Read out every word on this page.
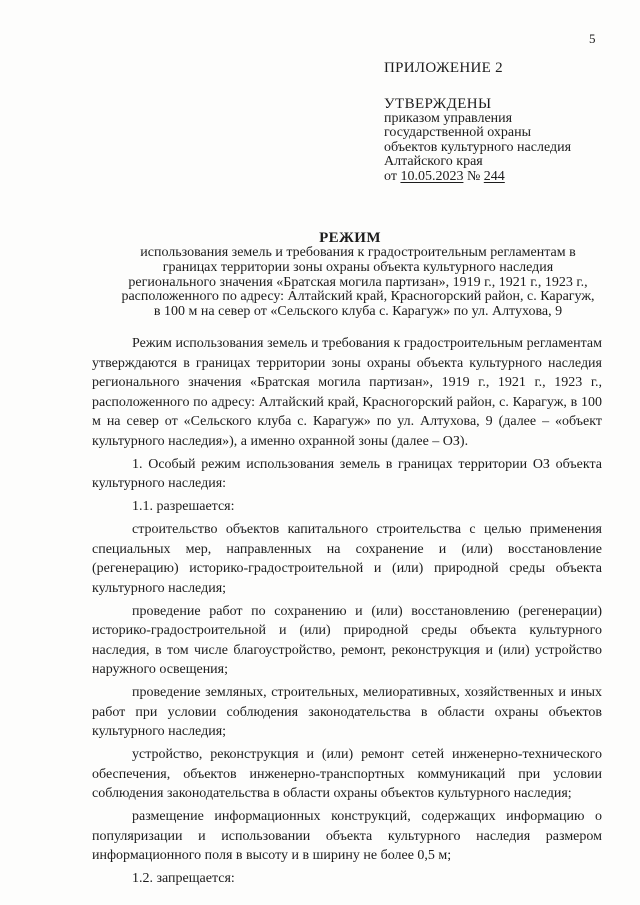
5
ПРИЛОЖЕНИЕ 2
УТВЕРЖДЕНЫ
приказом управления
государственной охраны
объектов культурного наследия
Алтайского края
от 10.05.2023 № 244
РЕЖИМ
использования земель и требования к градостроительным регламентам в границах территории зоны охраны объекта культурного наследия регионального значения «Братская могила партизан», 1919 г., 1921 г., 1923 г., расположенного по адресу: Алтайский край, Красногорский район, с. Карагуж, в 100 м на север от «Сельского клуба с. Карагуж» по ул. Алтухова, 9

Режим использования земель и требования к градостроительным регламентам утверждаются в границах территории зоны охраны объекта культурного наследия регионального значения «Братская могила партизан», 1919 г., 1921 г., 1923 г., расположенного по адресу: Алтайский край, Красногорский район, с. Карагуж, в 100 м на север от «Сельского клуба с. Карагуж» по ул. Алтухова, 9 (далее – «объект культурного наследия»), а именно охранной зоны (далее – ОЗ).

1. Особый режим использования земель в границах территории ОЗ объекта культурного наследия:

1.1. разрешается:

строительство объектов капитального строительства с целью применения специальных мер, направленных на сохранение и (или) восстановление (регенерацию) историко-градостроительной и (или) природной среды объекта культурного наследия;

проведение работ по сохранению и (или) восстановлению (регенерации) историко-градостроительной и (или) природной среды объекта культурного наследия, в том числе благоустройство, ремонт, реконструкция и (или) устройство наружного освещения;

проведение земляных, строительных, мелиоративных, хозяйственных и иных работ при условии соблюдения законодательства в области охраны объектов культурного наследия;

устройство, реконструкция и (или) ремонт сетей инженерно-технического обеспечения, объектов инженерно-транспортных коммуникаций при условии соблюдения законодательства в области охраны объектов культурного наследия;

размещение информационных конструкций, содержащих информацию о популяризации и использовании объекта культурного наследия размером информационного поля в высоту и в ширину не более 0,5 м;

1.2. запрещается:
